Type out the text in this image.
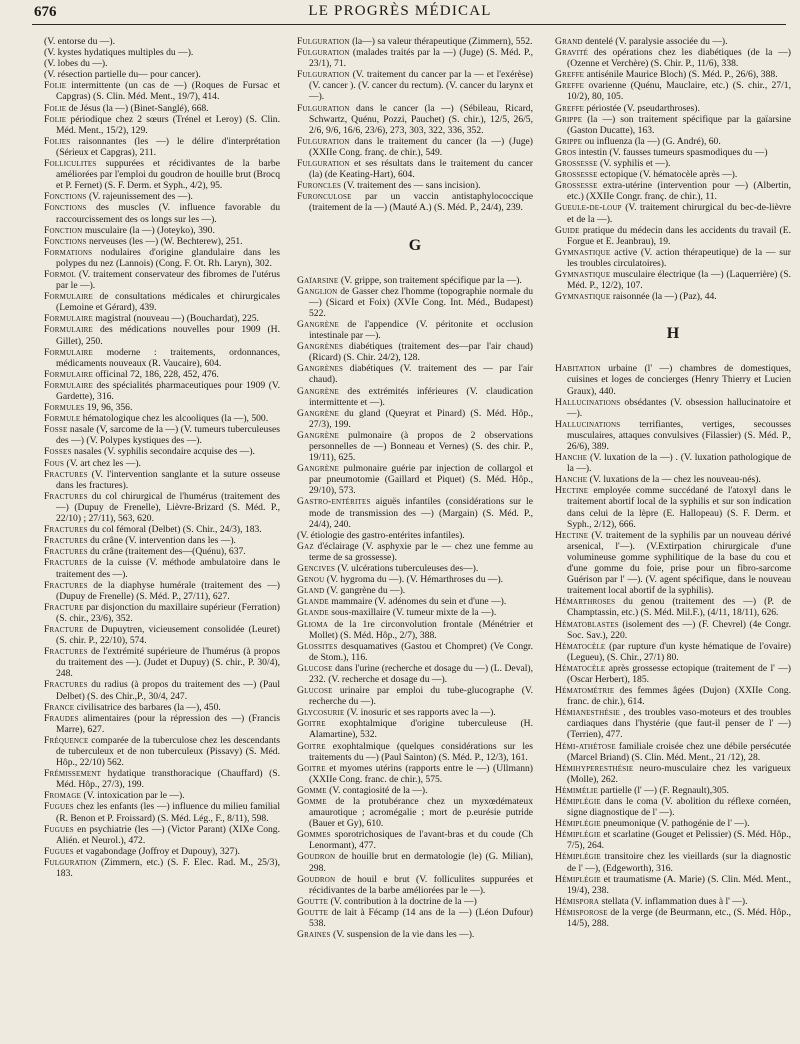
676	LE PROGRÈS MÉDICAL

(V. entorse du —).

(V. kystes hydatiques multiples du —).

(V. lobes du —).

(V. résection partielle du— pour cancer).

Folie intermittente (un cas de —) (Roques de Fursac et Capgras) (S. Clin. Méd. Ment., 19/7), 414.

Folie de Jésus (la —) (Binet-Sanglé), 668.

Folie périodique chez 2 sœurs (Trénel et Leroy) (S. Clin. Méd. Ment., 15/2), 129.

Folies raisonnantes (les —) le délire d'interprétation (Sérieux et Capgras), 211.

Folliculites suppurées et récidivantes de la barbe améliorées par l'emploi du goudron de houille brut (Brocq et P. Fernet) (S. F. Derm. et Syph., 4/2), 95.

Fonctions (V. rajeunissement des —).

Fonctions des muscles (V. influence favorable du raccourcissement des os longs sur les —).

Fonction musculaire (la —) (Joteyko), 390.

Fonctions nerveuses (les —) (W. Bechterew), 251.

Formations nodulaires d'origine glandulaire dans les polypes du nez (Lannois) (Cong. F. Ot. Rh. Laryn), 302.

Formol (V. traitement conservateur des fibromes de l'utérus par le —).

Formulaire de consultations médicales et chirurgicales (Lemoine et Gérard), 439.

Formulaire magistral (nouveau —) (Bouchardat), 225.

Formulaire des médications nouvelles pour 1909 (H. Gillet), 250.

Formulaire moderne : traitements, ordonnances, médicaments nouveaux (R. Vaucaire), 604.

Formulaire officinal 72, 186, 228, 452, 476.

Formulaire des spécialités pharmaceutiques pour 1909 (V. Gardette), 316.

Formules 19, 96, 356.

Formule hématologique chez les alcooliques (la —), 500.

Fosse nasale (V, sarcome de la —) (V. tumeurs tuberculeuses des —) (V. Polypes kystiques des —).

Fosses nasales (V. syphilis secondaire acquise des —).

Fous (V. art chez les —).

Fractures (V. l'intervention sanglante et la suture osseuse dans les fractures).

Fractures du col chirurgical de l'humérus (traitement des —) (Dupuy de Frenelle), Lièvre-Brizard (S. Méd. P., 22/10) ; 27/11), 563, 620.

Fractures du col fémoral (Delbet) (S. Chir., 24/3), 183.

Fractures du crâne (V. intervention dans les —).

Fractures du crâne (traitement des—(Quénu), 637.

Fractures de la cuisse (V. méthode ambulatoire dans le traitement des —).

Fractures de la diaphyse humérale (traitement des —) (Dupuy de Frenelle) (S. Méd. P., 27/11), 627.

Fracture par disjonction du maxillaire supérieur (Ferration) (S. chir., 23/6), 352.

Fracture de Dupuytren, vicieusement consolidée (Leuret) (S. chir. P., 22/10), 574.

Fractures de l'extrémité supérieure de l'humérus (à propos du traitement des —). (Judet et Dupuy) (S. chir., P. 30/4), 248.

Fractures du radius (à propos du traitement des —) (Paul Delbet) (S. des Chir.,P., 30/4, 247.

France civilisatrice des barbares (la —), 450.

Fraudes alimentaires (pour la répression des —) (Francis Marre), 627.

Fréquence comparée de la tuberculose chez les descendants de tuberculeux et de non tuberculeux (Pissavy) (S. Méd. Hôp., 22/10) 562.

Frémissement hydatique transthoracique (Chauffard) (S. Méd. Hôp., 27/3), 199.

Fromage (V. intoxication par le —).

Fugues chez les enfants (les —) influence du milieu familial (R. Benon et P. Froissard) (S. Méd. Lég., F., 8/11), 598.

Fugues en psychiatrie (les —) (Victor Parant) (XIXe Cong. Alién. et Neurol.), 472.

Fugues et vagabondage (Joffroy et Dupouy), 327).

Fulguration (Zimmern, etc.) (S. F. Elec. Rad. M., 25/3), 183.

Fulguration (la—) sa valeur thérapeutique (Zimmern), 552.

Fulguration (malades traités par la —) (Juge) (S. Méd. P., 23/1), 71.

Fulguration (V. traitement du cancer par la — et l'exérèse) (V. cancer ). (V. cancer du rectum). (V. cancer du larynx et —).

Fulguration dans le cancer (la —) (Sébileau, Ricard, Schwartz, Quénu, Pozzi, Pauchet) (S. chir.), 12/5, 26/5, 2/6, 9/6, 16/6, 23/6), 273, 303, 322, 336, 352.

Fulguration dans le traitement du cancer (la —) (Juge) (XXIIe Cong. franç. de chir.), 549.

Fulguration et ses résultats dans le traitement du cancer (la) (de Keating-Hart), 604.

Furoncles (V. traitement des — sans incision).

Furonculose par un vaccin antistaphylococcique (traitement de la —) (Mauté A.) (S. Méd. P., 24/4), 239.

G

Gaïarsine (V. grippe, son traitement spécifique par la —).

Ganglion de Gasser chez l'homme (topographie normale du —) (Sicard et Foix) (XVIe Cong. Int. Méd., Budapest) 522.

Gangrène de l'appendice (V. péritonite et occlusion intestinale par —).

Gangrènes diabétiques (traitement des—par l'air chaud) (Ricard) (S. Chir. 24/2), 128.

Gangrènes diabétiques (V. traitement des — par l'air chaud).

Gangrène des extrémités inférieures (V. claudication intermittente et —).

Gangrène du gland (Queyrat et Pinard) (S. Méd. Hôp., 27/3), 199.

Gangrène pulmonaire (à propos de 2 observations personnelles de —) Bonneau et Vernes) (S. des chir. P., 19/11), 625.

Gangrène pulmonaire guérie par injection de collargol et par pneumotomie (Gaillard et Piquet) (S. Méd. Hôp., 29/10), 573.

Gastro-entérites aiguës infantiles (considérations sur le mode de transmission des —) (Margain) (S. Méd. P., 24/4), 240.

(V. étiologie des gastro-entérites infantiles).

Gaz d'éclairage (V. asphyxie par le — chez une femme au terme de sa grossesse).

Gencives (V. ulcérations tuberculeuses des—).

Genou (V. hygroma du —). (V. Hémarthroses du —).

Gland (V. gangrène du —).

Glande mammaire (V. adénomes du sein et d'une —).

Glande sous-maxillaire (V. tumeur mixte de la —).

Glioma de la 1re circonvolution frontale (Ménétrier et Mollet) (S. Méd. Hôp., 2/7), 388.

Glossites desquamatives (Gastou et Chompret) (Ve Congr. de Stom.), 116.

Glucose dans l'urine (recherche et dosage du —) (L. Deval), 232. (V. recherche et dosage du —).

Glucose urinaire par emploi du tube-glucographe (V. recherche du —).

Glycosurie (V. inosuric et ses rapports avec la —).

Goitre exophtalmique d'origine tuberculeuse (H. Alamartine), 532.

Goitre exophtalmique (quelques considérations sur les traitements du —) (Paul Sainton) (S. Méd. P., 12/3), 161.

Goitre et myomes utérins (rapports entre le —) (Ullmann) (XXIIe Cong. franc. de chir.), 575.

Gomme (V. contagiosité de la —).

Gomme de la protubérance chez un myxœdémateux amaurotique ; acromégalie ; mort de p.eurésie putride (Bauer et Gy), 610.

Gommes sporotrichosiques de l'avant-bras et du coude (Ch Lenormant), 477.

Goudron de houille brut en dermatologie (le) (G. Milian), 298.

Goudron de houil e brut (V. folliculites suppurées et récidivantes de la barbe améliorées par le —).

Goutte (V. contribution à la doctrine de la —)

Goutte de lait à Fécamp (14 ans de la —) (Léon Dufour) 538.

Graines (V. suspension de la vie dans les —).

Grand dentelé (V. paralysie associée du —).

Gravité des opérations chez les diabétiques (de la —) (Ozenne et Verchère) (S. Chir. P., 11/6), 338.

Greffe antisénile Maurice Bloch) (S. Méd. P., 26/6), 388.

Greffe ovarienne (Quénu, Mauclaire, etc.) (S. chir., 27/1, 10/2), 80, 105.

Greffe périostée (V. pseudarthroses).

Grippe (la —) son traitement spécifique par la gaïarsine (Gaston Ducatte), 163.

Grippe ou influenza (la —) (G. André), 60.

Gros intestin (V. fausses tumeurs spasmodiques du —)

Grossesse (V. syphilis et —).

Grossesse ectopique (V. hématocèle après —).

Grossesse extra-utérine (intervention pour —) (Albertin, etc.) (XXIIe Congr. franç. de chir.), 11.

Gueule-de-loup (V. traitement chirurgical du bec-de-lièvre et de la —).

Guide pratique du médecin dans les accidents du travail (E. Forgue et E. Jeanbrau), 19.

Gymnastique active (V. action thérapeutique) de la — sur les troubles circulatoires).

Gymnastique musculaire électrique (la —) (Laquerrière) (S. Méd. P., 12/2), 107.

Gymnastique raisonnée (la —) (Paz), 44.

H

Habitation urbaine (l' —) chambres de domestiques, cuisines et loges de concierges (Henry Thierry et Lucien Graux), 440.

Hallucinations obsédantes (V. obsession hallucinatoire et —).

Hallucinations terrifiantes, vertiges, secousses musculaires, attaques convulsives (Filassier) (S. Méd. P., 26/6), 389.

Hanche (V. luxation de la —) . (V. luxation pathologique de la —).

Hanche (V. luxations de la — chez les nouveau-nés).

Hectine employée comme succédané de l'atoxyl dans le traitement abortif local de la syphilis et sur son indication dans celui de la lèpre (E. Hallopeau) (S. F. Derm. et Syph., 2/12), 666.

Hectine (V. traitement de la syphilis par un nouveau dérivé arsenical, l'—). (V.Extirpation chirurgicale d'une volumineuse gomme syphilitique de la base du cou et d'une gomme du foie, prise pour un fibro-sarcome Guérison par l' —). (V. agent spécifique, dans le nouveau traitement local abortif de la syphilis).

Hémarthroses du genou (traitement des —) (P. de Champtassin, etc.) (S. Méd. Mil.F.), (4/11, 18/11), 626.

Hématoblastes (isolement des —) (F. Chevrel) (4e Congr. Soc. Sav.), 220.

Hématocèle (par rupture d'un kyste hématique de l'ovaire) (Legueu), (S. Chir., 27/1) 80.

Hématocèle après grossesse ectopique (traitement de l' —) (Oscar Herbert), 185.

Hématométrie des femmes âgées (Dujon) (XXIIe Cong. franc. de chir.), 614.

Hémianesthésie , des troubles vaso-moteurs et des troubles cardiaques dans l'hystérie (que faut-il penser de l' —) (Terrien), 477.

Hémi-athétose familiale croisée chez une débile persécutée (Marcel Briand) (S. Clin. Méd. Ment., 21 /12), 28.

Hémihyperesthésie neuro-musculaire chez les varigueux (Molle), 262.

Hémimélie partielle (l' —) (F. Regnault),305.

Hémiplégie dans le coma (V. abolition du réflexe cornéen, signe diagnostique de l' —).

Hémiplégie pneumonique (V. pathogénie de l' —).

Hémiplégie et scarlatine (Gouget et Pelissier) (S. Méd. Hôp., 7/5), 264.

Hémiplégie transitoire chez les vieillards (sur la diagnostic de l' —), (Edgeworth), 316.

Hémiplégie et traumatisme (A. Marie) (S. Clin. Méd. Ment., 19/4), 238.

Hémispora stellata (V. inflammation dues à l' —).

Hémisporose de la verge (de Beurmann, etc., (S. Méd. Hôp., 14/5), 288.
